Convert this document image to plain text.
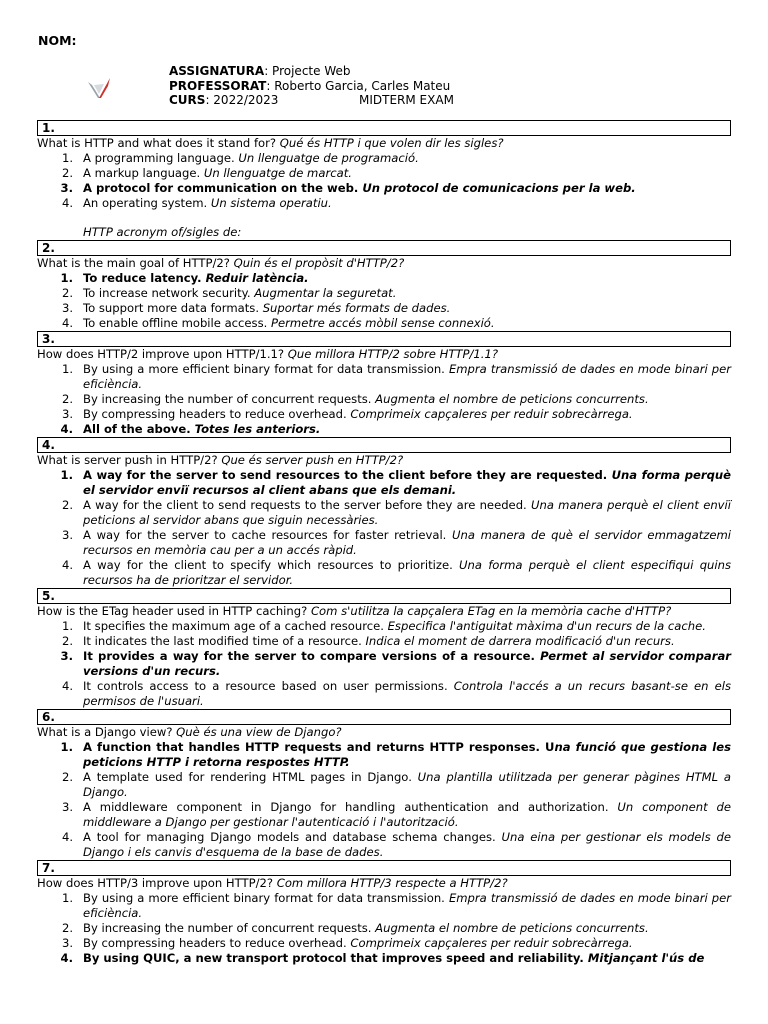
NOM:
ASSIGNATURA: Projecte Web
PROFESSORAT: Roberto Garcia, Carles Mateu
CURS: 2022/2023	MIDTERM EXAM
1.
What is HTTP and what does it stand for? Qué és HTTP i que volen dir les sigles?
1. A programming language. Un llenguatge de programació.
2. A markup language. Un llenguatge de marcat.
3. A protocol for communication on the web. Un protocol de comunicacions per la web.
4. An operating system. Un sistema operatiu.
HTTP acronym of/sigles de:
2.
What is the main goal of HTTP/2? Quin és el propòsit d'HTTP/2?
1. To reduce latency. Reduir latència.
2. To increase network security. Augmentar la seguretat.
3. To support more data formats. Suportar més formats de dades.
4. To enable offline mobile access. Permetre accés mòbil sense connexió.
3.
How does HTTP/2 improve upon HTTP/1.1? Que millora HTTP/2 sobre HTTP/1.1?
1. By using a more efficient binary format for data transmission. Empra transmissió de dades en mode binari per eficiència.
2. By increasing the number of concurrent requests. Augmenta el nombre de peticions concurrents.
3. By compressing headers to reduce overhead. Comprimeix capçaleres per reduir sobrecàrrega.
4. All of the above. Totes les anteriors.
4.
What is server push in HTTP/2? Que és server push en HTTP/2?
1. A way for the server to send resources to the client before they are requested. Una forma perquè el servidor enviï recursos al client abans que els demani.
2. A way for the client to send requests to the server before they are needed. Una manera perquè el client enviï peticions al servidor abans que siguin necessàries.
3. A way for the server to cache resources for faster retrieval. Una manera de què el servidor emmagatzemi recursos en memòria cau per a un accés ràpid.
4. A way for the client to specify which resources to prioritize. Una forma perquè el client especifiqui quins recursos ha de prioritzar el servidor.
5.
How is the ETag header used in HTTP caching? Com s'utilitza la capçalera ETag en la memòria cache d'HTTP?
1. It specifies the maximum age of a cached resource. Especifica l'antiguitat màxima d'un recurs de la cache.
2. It indicates the last modified time of a resource. Indica el moment de darrera modificació d'un recurs.
3. It provides a way for the server to compare versions of a resource. Permet al servidor comparar versions d'un recurs.
4. It controls access to a resource based on user permissions. Controla l'accés a un recurs basant-se en els permisos de l'usuari.
6.
What is a Django view? Què és una view de Django?
1. A function that handles HTTP requests and returns HTTP responses. Una funció que gestiona les peticions HTTP i retorna respostes HTTP.
2. A template used for rendering HTML pages in Django. Una plantilla utilitzada per generar pàgines HTML a Django.
3. A middleware component in Django for handling authentication and authorization. Un component de middleware a Django per gestionar l'autenticació i l'autorització.
4. A tool for managing Django models and database schema changes. Una eina per gestionar els models de Django i els canvis d'esquema de la base de dades.
7.
How does HTTP/3 improve upon HTTP/2? Com millora HTTP/3 respecte a HTTP/2?
1. By using a more efficient binary format for data transmission. Empra transmissió de dades en mode binari per eficiència.
2. By increasing the number of concurrent requests. Augmenta el nombre de peticions concurrents.
3. By compressing headers to reduce overhead. Comprimeix capçaleres per reduir sobrecàrrega.
4. By using QUIC, a new transport protocol that improves speed and reliability. Mitjançant l'ús de
